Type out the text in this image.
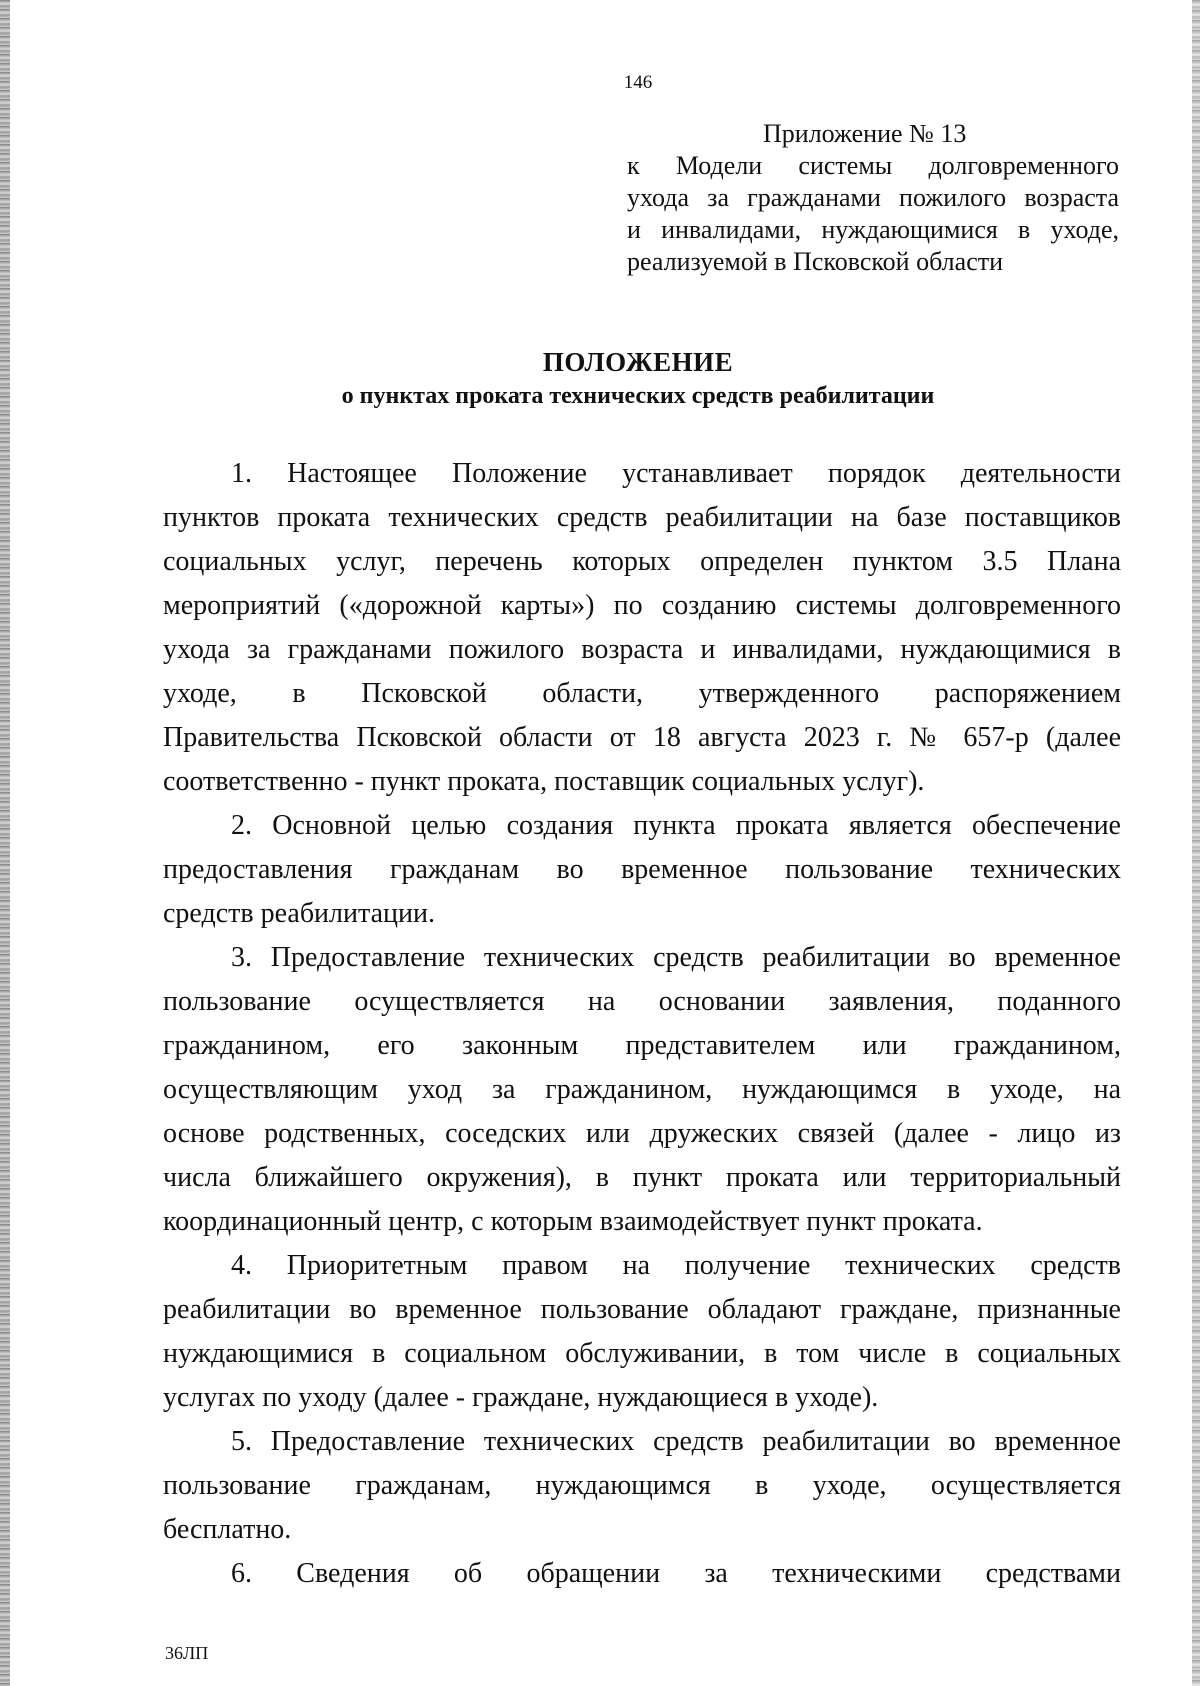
146
Приложение № 13
к Модели системы долговременного
ухода за гражданами пожилого возраста
и инвалидами, нуждающимися в уходе,
реализуемой в Псковской области
ПОЛОЖЕНИЕ
о пунктах проката технических средств реабилитации
1. Настоящее Положение устанавливает порядок деятельности
пунктов проката технических средств реабилитации на базе поставщиков
социальных услуг, перечень которых определен пунктом 3.5 Плана
мероприятий («дорожной карты») по созданию системы долговременного
ухода за гражданами пожилого возраста и инвалидами, нуждающимися в
уходе, в Псковской области, утвержденного распоряжением
Правительства Псковской области от 18 августа 2023 г. № 657-р (далее
соответственно - пункт проката, поставщик социальных услуг).
2. Основной целью создания пункта проката является обеспечение
предоставления гражданам во временное пользование технических
средств реабилитации.
3. Предоставление технических средств реабилитации во временное
пользование осуществляется на основании заявления, поданного
гражданином, его законным представителем или гражданином,
осуществляющим уход за гражданином, нуждающимся в уходе, на
основе родственных, соседских или дружеских связей (далее - лицо из
числа ближайшего окружения), в пункт проката или территориальный
координационный центр, с которым взаимодействует пункт проката.
4. Приоритетным правом на получение технических средств
реабилитации во временное пользование обладают граждане, признанные
нуждающимися в социальном обслуживании, в том числе в социальных
услугах по уходу (далее - граждане, нуждающиеся в уходе).
5. Предоставление технических средств реабилитации во временное
пользование гражданам, нуждающимся в уходе, осуществляется
бесплатно.
6. Сведения об обращении за техническими средствами
36ЛП
